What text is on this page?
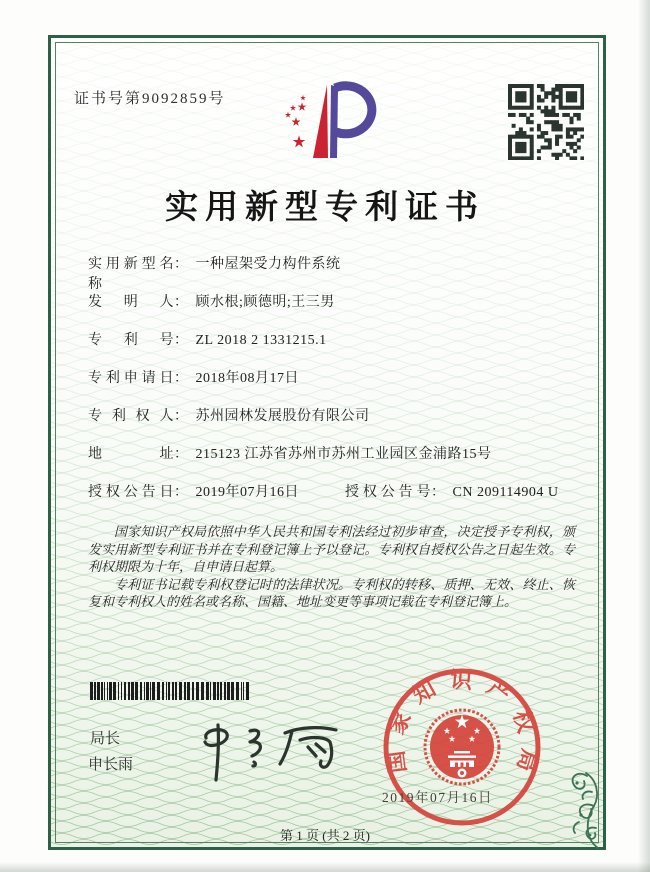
证书号第9092859号
实用新型专利证书
实用新型名称： 一种屋架受力构件系统
发明人： 顾水根;顾德明;王三男
专利号： ZL 2018 2 1331215.1
专利申请日： 2018年08月17日
专利权人： 苏州园林发展股份有限公司
地址： 215123 江苏省苏州市苏州工业园区金浦路15号
授权公告日： 2019年07月16日	授权公告号： CN 209114904 U

国家知识产权局依照中华人民共和国专利法经过初步审查，决定授予专利权，颁发实用新型专利证书并在专利登记簿上予以登记。专利权自授权公告之日起生效。专利权期限为十年，自申请日起算。

专利证书记载专利权登记时的法律状况。专利权的转移、质押、无效、终止、恢复和专利权人的姓名或名称、国籍、地址变更等事项记载在专利登记簿上。

局长
申长雨	国家知识产权局
2019年07月16日
第 1 页 (共 2 页)
